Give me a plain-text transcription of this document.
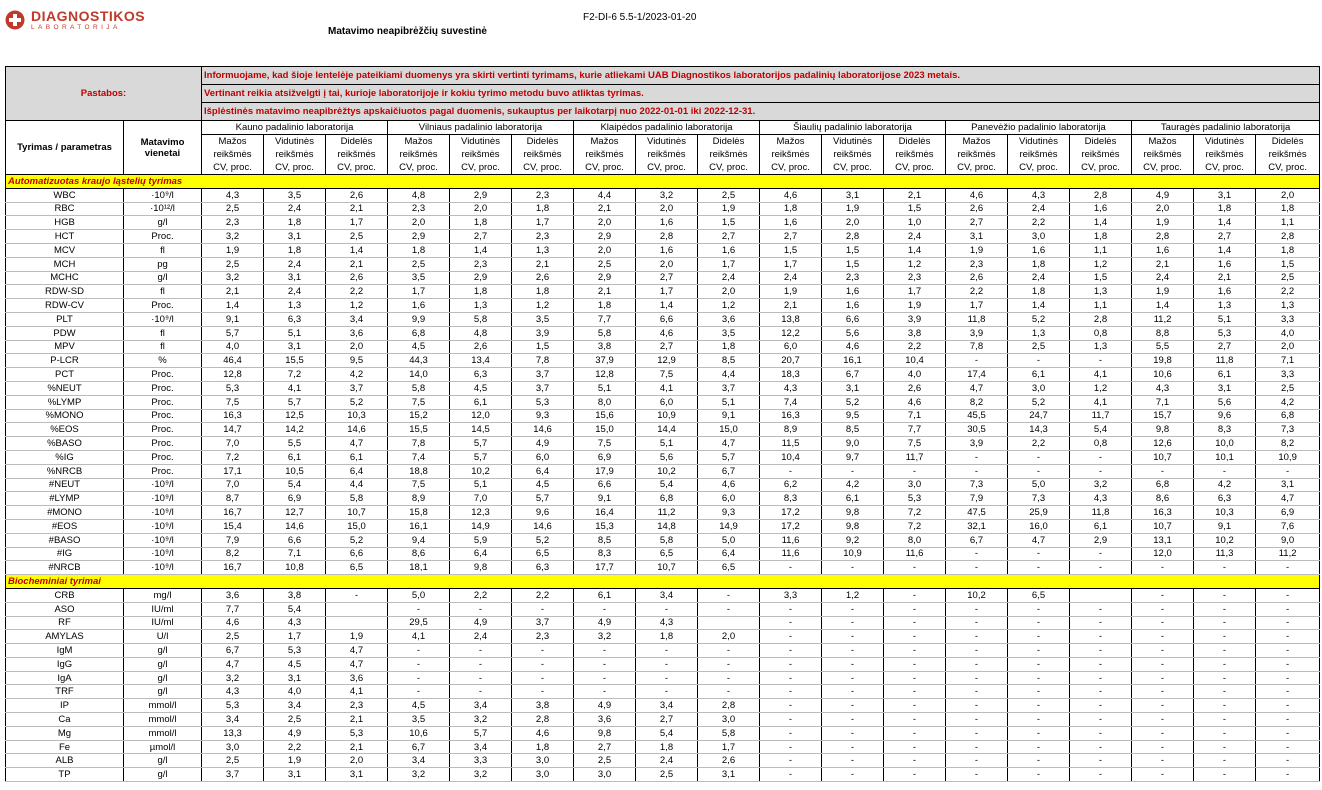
DIAGNOSTIKOS
LABORATORIJA
F2-DI-6 5.5-1/2023-01-20
Matavimo neapibrėžčių suvestinė
Pastabos:		Informuojame, kad šioje lentelėje pateikiami duomenys yra skirti vertinti tyrimams, kurie atliekami UAB Diagnostikos laboratorijos padalinių laboratorijose 2023 metais.																	
		Vertinant reikia atsižvelgti į tai, kurioje laboratorijoje ir kokiu tyrimo metodu buvo atliktas tyrimas.																	
		Išplėstinės matavimo neapibrėžtys apskaičiuotos pagal duomenis, sukauptus per laikotarpį nuo 2022-01-01 iki 2022-12-31.																	
Tyrimas / parametras	Matavimo vienetai	Kauno padalinio laboratorija			Vilniaus padalinio laboratorija			Klaipėdos padalinio laboratorija			Šiaulių padalinio laboratorija			Panevėžio padalinio laboratorija			Tauragės padalinio laboratorija		
		Mažos	Vidutinės	Didelės	Mažos	Vidutinės	Didelės	Mažos	Vidutinės	Didelės	Mažos	Vidutinės	Didelės	Mažos	Vidutinės	Didelės	Mažos	Vidutinės	Didelės
		reikšmės	reikšmės	reikšmės	reikšmės	reikšmės	reikšmės	reikšmės	reikšmės	reikšmės	reikšmės	reikšmės	reikšmės	reikšmės	reikšmės	reikšmės	reikšmės	reikšmės	reikšmės
		CV, proc.	CV, proc.	CV, proc.	CV, proc.	CV, proc.	CV, proc.	CV, proc.	CV, proc.	CV, proc.	CV, proc.	CV, proc.	CV, proc.	CV, proc.	CV, proc.	CV, proc.	CV, proc.	CV, proc.	CV, proc.
Automatizuotas kraujo ląstelių tyrimas																			
WBC	·10⁹/l	4,3	3,5	2,6	4,8	2,9	2,3	4,4	3,2	2,5	4,6	3,1	2,1	4,6	4,3	2,8	4,9	3,1	2,0
RBC	·10¹²/l	2,5	2,4	2,1	2,3	2,0	1,8	2,1	2,0	1,9	1,8	1,9	1,5	2,6	2,4	1,6	2,0	1,8	1,8
HGB	g/l	2,3	1,8	1,7	2,0	1,8	1,7	2,0	1,6	1,5	1,6	2,0	1,0	2,7	2,2	1,4	1,9	1,4	1,1
HCT	Proc.	3,2	3,1	2,5	2,9	2,7	2,3	2,9	2,8	2,7	2,7	2,8	2,4	3,1	3,0	1,8	2,8	2,7	2,8
MCV	fl	1,9	1,8	1,4	1,8	1,4	1,3	2,0	1,6	1,6	1,5	1,5	1,4	1,9	1,6	1,1	1,6	1,4	1,8
MCH	pg	2,5	2,4	2,1	2,5	2,3	2,1	2,5	2,0	1,7	1,7	1,5	1,2	2,3	1,8	1,2	2,1	1,6	1,5
MCHC	g/l	3,2	3,1	2,6	3,5	2,9	2,6	2,9	2,7	2,4	2,4	2,3	2,3	2,6	2,4	1,5	2,4	2,1	2,5
RDW-SD	fl	2,1	2,4	2,2	1,7	1,8	1,8	2,1	1,7	2,0	1,9	1,6	1,7	2,2	1,8	1,3	1,9	1,6	2,2
RDW-CV	Proc.	1,4	1,3	1,2	1,6	1,3	1,2	1,8	1,4	1,2	2,1	1,6	1,9	1,7	1,4	1,1	1,4	1,3	1,3
PLT	·10⁹/l	9,1	6,3	3,4	9,9	5,8	3,5	7,7	6,6	3,6	13,8	6,6	3,9	11,8	5,2	2,8	11,2	5,1	3,3
PDW	fl	5,7	5,1	3,6	6,8	4,8	3,9	5,8	4,6	3,5	12,2	5,6	3,8	3,9	1,3	0,8	8,8	5,3	4,0
MPV	fl	4,0	3,1	2,0	4,5	2,6	1,5	3,8	2,7	1,8	6,0	4,6	2,2	7,8	2,5	1,3	5,5	2,7	2,0
P-LCR	%	46,4	15,5	9,5	44,3	13,4	7,8	37,9	12,9	8,5	20,7	16,1	10,4	-	-	-	19,8	11,8	7,1
PCT	Proc.	12,8	7,2	4,2	14,0	6,3	3,7	12,8	7,5	4,4	18,3	6,7	4,0	17,4	6,1	4,1	10,6	6,1	3,3
%NEUT	Proc.	5,3	4,1	3,7	5,8	4,5	3,7	5,1	4,1	3,7	4,3	3,1	2,6	4,7	3,0	1,2	4,3	3,1	2,5
%LYMP	Proc.	7,5	5,7	5,2	7,5	6,1	5,3	8,0	6,0	5,1	7,4	5,2	4,6	8,2	5,2	4,1	7,1	5,6	4,2
%MONO	Proc.	16,3	12,5	10,3	15,2	12,0	9,3	15,6	10,9	9,1	16,3	9,5	7,1	45,5	24,7	11,7	15,7	9,6	6,8
%EOS	Proc.	14,7	14,2	14,6	15,5	14,5	14,6	15,0	14,4	15,0	8,9	8,5	7,7	30,5	14,3	5,4	9,8	8,3	7,3
%BASO	Proc.	7,0	5,5	4,7	7,8	5,7	4,9	7,5	5,1	4,7	11,5	9,0	7,5	3,9	2,2	0,8	12,6	10,0	8,2
%IG	Proc.	7,2	6,1	6,1	7,4	5,7	6,0	6,9	5,6	5,7	10,4	9,7	11,7	-	-	-	10,7	10,1	10,9
%NRCB	Proc.	17,1	10,5	6,4	18,8	10,2	6,4	17,9	10,2	6,7	-	-	-	-	-	-	-	-	-
#NEUT	·10⁹/l	7,0	5,4	4,4	7,5	5,1	4,5	6,6	5,4	4,6	6,2	4,2	3,0	7,3	5,0	3,2	6,8	4,2	3,1
#LYMP	·10⁹/l	8,7	6,9	5,8	8,9	7,0	5,7	9,1	6,8	6,0	8,3	6,1	5,3	7,9	7,3	4,3	8,6	6,3	4,7
#MONO	·10⁹/l	16,7	12,7	10,7	15,8	12,3	9,6	16,4	11,2	9,3	17,2	9,8	7,2	47,5	25,9	11,8	16,3	10,3	6,9
#EOS	·10⁹/l	15,4	14,6	15,0	16,1	14,9	14,6	15,3	14,8	14,9	17,2	9,8	7,2	32,1	16,0	6,1	10,7	9,1	7,6
#BASO	·10⁹/l	7,9	6,6	5,2	9,4	5,9	5,2	8,5	5,8	5,0	11,6	9,2	8,0	6,7	4,7	2,9	13,1	10,2	9,0
#IG	·10⁹/l	8,2	7,1	6,6	8,6	6,4	6,5	8,3	6,5	6,4	11,6	10,9	11,6	-	-	-	12,0	11,3	11,2
#NRCB	·10⁹/l	16,7	10,8	6,5	18,1	9,8	6,3	17,7	10,7	6,5	-	-	-	-	-	-	-	-	-
Biocheminiai tyrimai																			
CRB	mg/l	3,6	3,8	-	5,0	2,2	2,2	6,1	3,4	-	3,3	1,2	-	10,2	6,5		-	-	-
ASO	IU/ml	7,7	5,4		-	-	-	-	-	-	-	-	-	-	-	-	-	-	-
RF	IU/ml	4,6	4,3		29,5	4,9	3,7	4,9	4,3		-	-	-	-	-	-	-	-	-
AMYLAS	U/l	2,5	1,7	1,9	4,1	2,4	2,3	3,2	1,8	2,0	-	-	-	-	-	-	-	-	-
IgM	g/l	6,7	5,3	4,7	-	-	-	-	-	-	-	-	-	-	-	-	-	-	-
IgG	g/l	4,7	4,5	4,7	-	-	-	-	-	-	-	-	-	-	-	-	-	-	-
IgA	g/l	3,2	3,1	3,6	-	-	-	-	-	-	-	-	-	-	-	-	-	-	-
TRF	g/l	4,3	4,0	4,1	-	-	-	-	-	-	-	-	-	-	-	-	-	-	-
IP	mmol/l	5,3	3,4	2,3	4,5	3,4	3,8	4,9	3,4	2,8	-	-	-	-	-	-	-	-	-
Ca	mmol/l	3,4	2,5	2,1	3,5	3,2	2,8	3,6	2,7	3,0	-	-	-	-	-	-	-	-	-
Mg	mmol/l	13,3	4,9	5,3	10,6	5,7	4,6	9,8	5,4	5,8	-	-	-	-	-	-	-	-	-
Fe	µmol/l	3,0	2,2	2,1	6,7	3,4	1,8	2,7	1,8	1,7	-	-	-	-	-	-	-	-	-
ALB	g/l	2,5	1,9	2,0	3,4	3,3	3,0	2,5	2,4	2,6	-	-	-	-	-	-	-	-	-
TP	g/l	3,7	3,1	3,1	3,2	3,2	3,0	3,0	2,5	3,1	-	-	-	-	-	-	-	-	-
